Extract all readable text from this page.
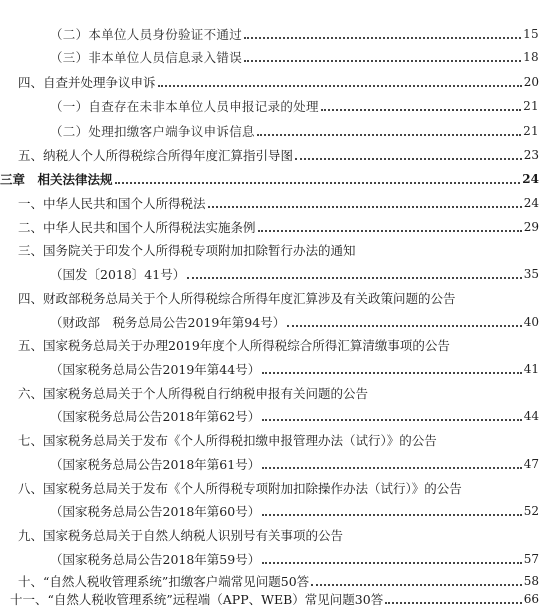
（二）本单位人员身份验证不通过	15
（三）非本单位人员信息录入错误	18
四、自查并处理争议申诉	20
（一）自查存在未非本单位人员申报记录的处理	21
（二）处理扣缴客户端争议申诉信息	21
五、纳税人个人所得税综合所得年度汇算指引导图	23
三章　相关法律法规	24
一、中华人民共和国个人所得税法	24
二、中华人民共和国个人所得税法实施条例	29
三、国务院关于印发个人所得税专项附加扣除暂行办法的通知
（国发〔2018〕41号）	35
四、财政部税务总局关于个人所得税综合所得年度汇算涉及有关政策问题的公告
（财政部　税务总局公告2019年第94号）	40
五、国家税务总局关于办理2019年度个人所得税综合所得汇算清缴事项的公告
（国家税务总局公告2019年第44号）	41
六、国家税务总局关于个人所得税自行纳税申报有关问题的公告
（国家税务总局公告2018年第62号）	44
七、国家税务总局关于发布《个人所得税扣缴申报管理办法（试行）》的公告
（国家税务总局公告2018年第61号）	47
八、国家税务总局关于发布《个人所得税专项附加扣除操作办法（试行）》的公告
（国家税务总局公告2018年第60号）	52
九、国家税务总局关于自然人纳税人识别号有关事项的公告
（国家税务总局公告2018年第59号）	57
十、“自然人税收管理系统”扣缴客户端常见问题50答	58
十一、“自然人税收管理系统”远程端（APP、WEB）常见问题30答	66
